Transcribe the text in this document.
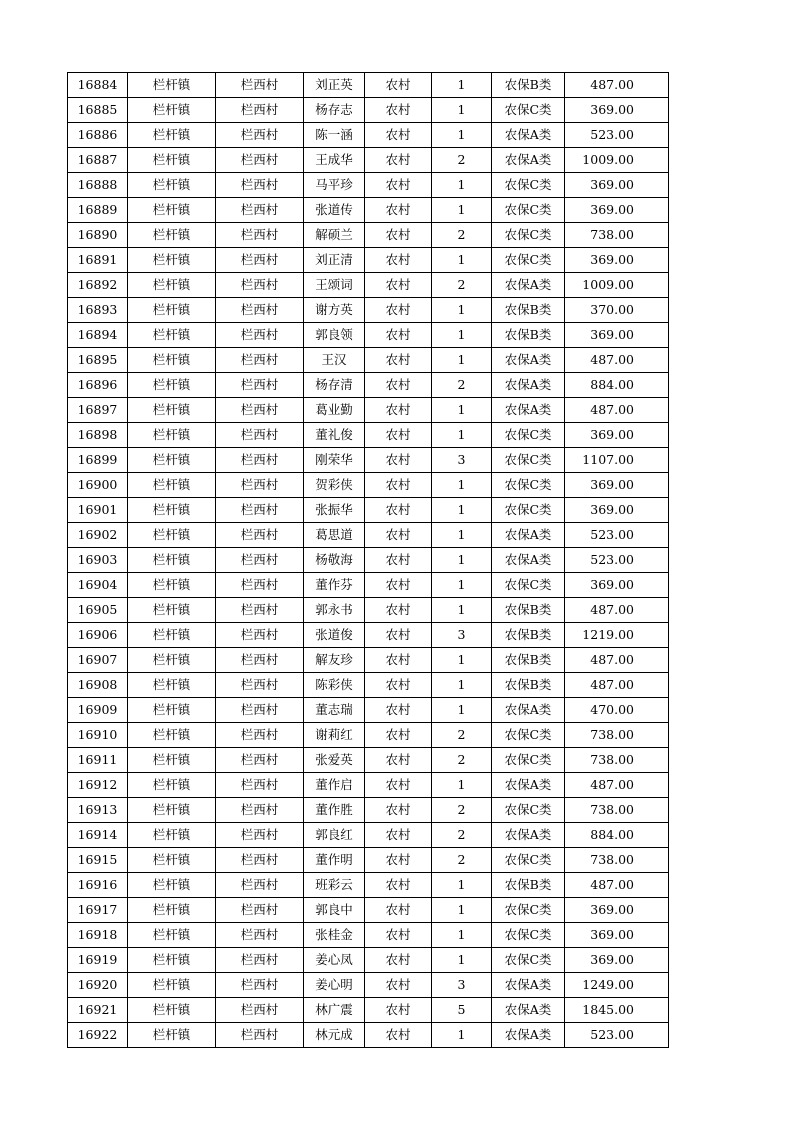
16884	栏杆镇	栏西村	刘正英	农村	1	农保B类	487.00
16885	栏杆镇	栏西村	杨存志	农村	1	农保C类	369.00
16886	栏杆镇	栏西村	陈一涵	农村	1	农保A类	523.00
16887	栏杆镇	栏西村	王成华	农村	2	农保A类	1009.00
16888	栏杆镇	栏西村	马平珍	农村	1	农保C类	369.00
16889	栏杆镇	栏西村	张道传	农村	1	农保C类	369.00
16890	栏杆镇	栏西村	解硕兰	农村	2	农保C类	738.00
16891	栏杆镇	栏西村	刘正清	农村	1	农保C类	369.00
16892	栏杆镇	栏西村	王颂词	农村	2	农保A类	1009.00
16893	栏杆镇	栏西村	谢方英	农村	1	农保B类	370.00
16894	栏杆镇	栏西村	郭良领	农村	1	农保B类	369.00
16895	栏杆镇	栏西村	王汉	农村	1	农保A类	487.00
16896	栏杆镇	栏西村	杨存清	农村	2	农保A类	884.00
16897	栏杆镇	栏西村	葛业勤	农村	1	农保A类	487.00
16898	栏杆镇	栏西村	董礼俊	农村	1	农保C类	369.00
16899	栏杆镇	栏西村	刚荣华	农村	3	农保C类	1107.00
16900	栏杆镇	栏西村	贺彩侠	农村	1	农保C类	369.00
16901	栏杆镇	栏西村	张振华	农村	1	农保C类	369.00
16902	栏杆镇	栏西村	葛思道	农村	1	农保A类	523.00
16903	栏杆镇	栏西村	杨敬海	农村	1	农保A类	523.00
16904	栏杆镇	栏西村	董作芬	农村	1	农保C类	369.00
16905	栏杆镇	栏西村	郭永书	农村	1	农保B类	487.00
16906	栏杆镇	栏西村	张道俊	农村	3	农保B类	1219.00
16907	栏杆镇	栏西村	解友珍	农村	1	农保B类	487.00
16908	栏杆镇	栏西村	陈彩侠	农村	1	农保B类	487.00
16909	栏杆镇	栏西村	董志瑞	农村	1	农保A类	470.00
16910	栏杆镇	栏西村	谢莉红	农村	2	农保C类	738.00
16911	栏杆镇	栏西村	张爱英	农村	2	农保C类	738.00
16912	栏杆镇	栏西村	董作启	农村	1	农保A类	487.00
16913	栏杆镇	栏西村	董作胜	农村	2	农保C类	738.00
16914	栏杆镇	栏西村	郭良红	农村	2	农保A类	884.00
16915	栏杆镇	栏西村	董作明	农村	2	农保C类	738.00
16916	栏杆镇	栏西村	班彩云	农村	1	农保B类	487.00
16917	栏杆镇	栏西村	郭良中	农村	1	农保C类	369.00
16918	栏杆镇	栏西村	张桂金	农村	1	农保C类	369.00
16919	栏杆镇	栏西村	姜心凤	农村	1	农保C类	369.00
16920	栏杆镇	栏西村	姜心明	农村	3	农保A类	1249.00
16921	栏杆镇	栏西村	林广震	农村	5	农保A类	1845.00
16922	栏杆镇	栏西村	林元成	农村	1	农保A类	523.00
